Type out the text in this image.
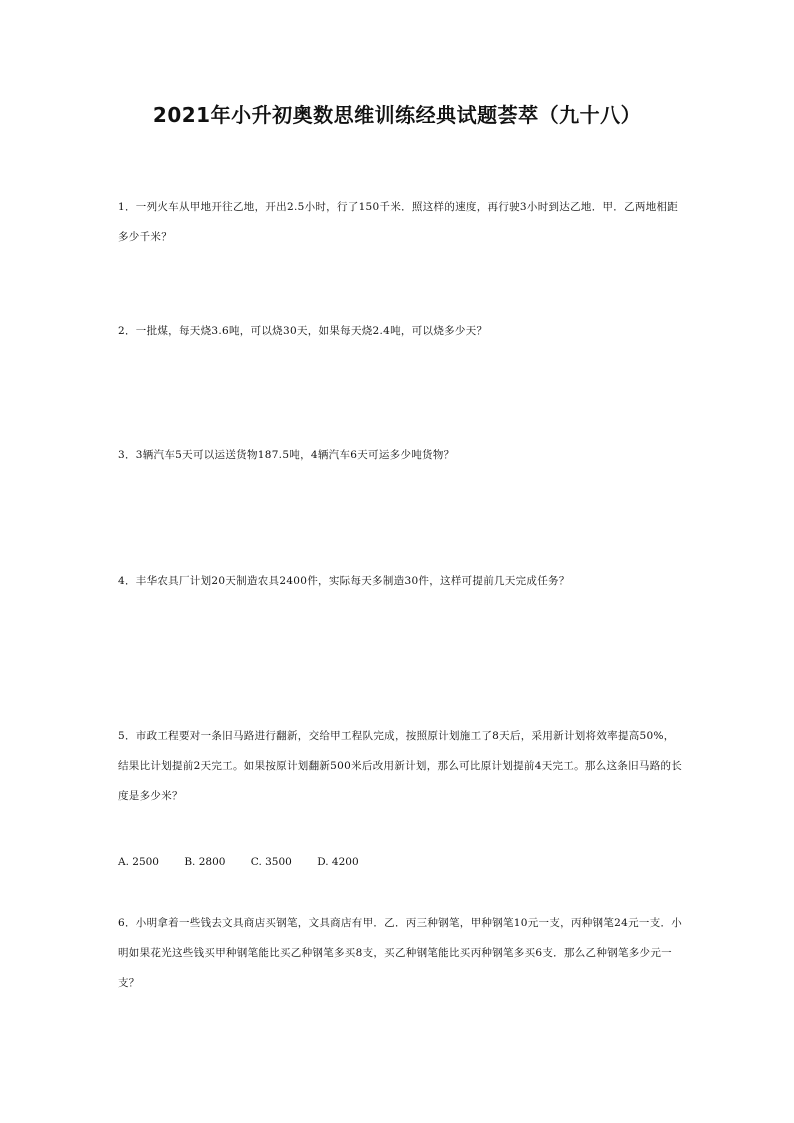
2021年小升初奥数思维训练经典试题荟萃（九十八）
1．一列火车从甲地开往乙地，开出2.5小时，行了150千米．照这样的速度，再行驶3小时到达乙地．甲．乙两地相距多少千米？
2．一批煤，每天烧3.6吨，可以烧30天，如果每天烧2.4吨，可以烧多少天？
3．3辆汽车5天可以运送货物187.5吨，4辆汽车6天可运多少吨货物？
4．丰华农具厂计划20天制造农具2400件，实际每天多制造30件，这样可提前几天完成任务？
5．市政工程要对一条旧马路进行翻新，交给甲工程队完成，按照原计划施工了8天后，采用新计划将效率提高50%，结果比计划提前2天完工。如果按原计划翻新500米后改用新计划，那么可比原计划提前4天完工。那么这条旧马路的长度是多少米？
A. 2500 B. 2800 C. 3500 D. 4200
6．小明拿着一些钱去文具商店买钢笔，文具商店有甲．乙．丙三种钢笔，甲种钢笔10元一支，丙种钢笔24元一支．小明如果花光这些钱买甲种钢笔能比买乙种钢笔多买8支，买乙种钢笔能比买丙种钢笔多买6支．那么乙种钢笔多少元一支？
